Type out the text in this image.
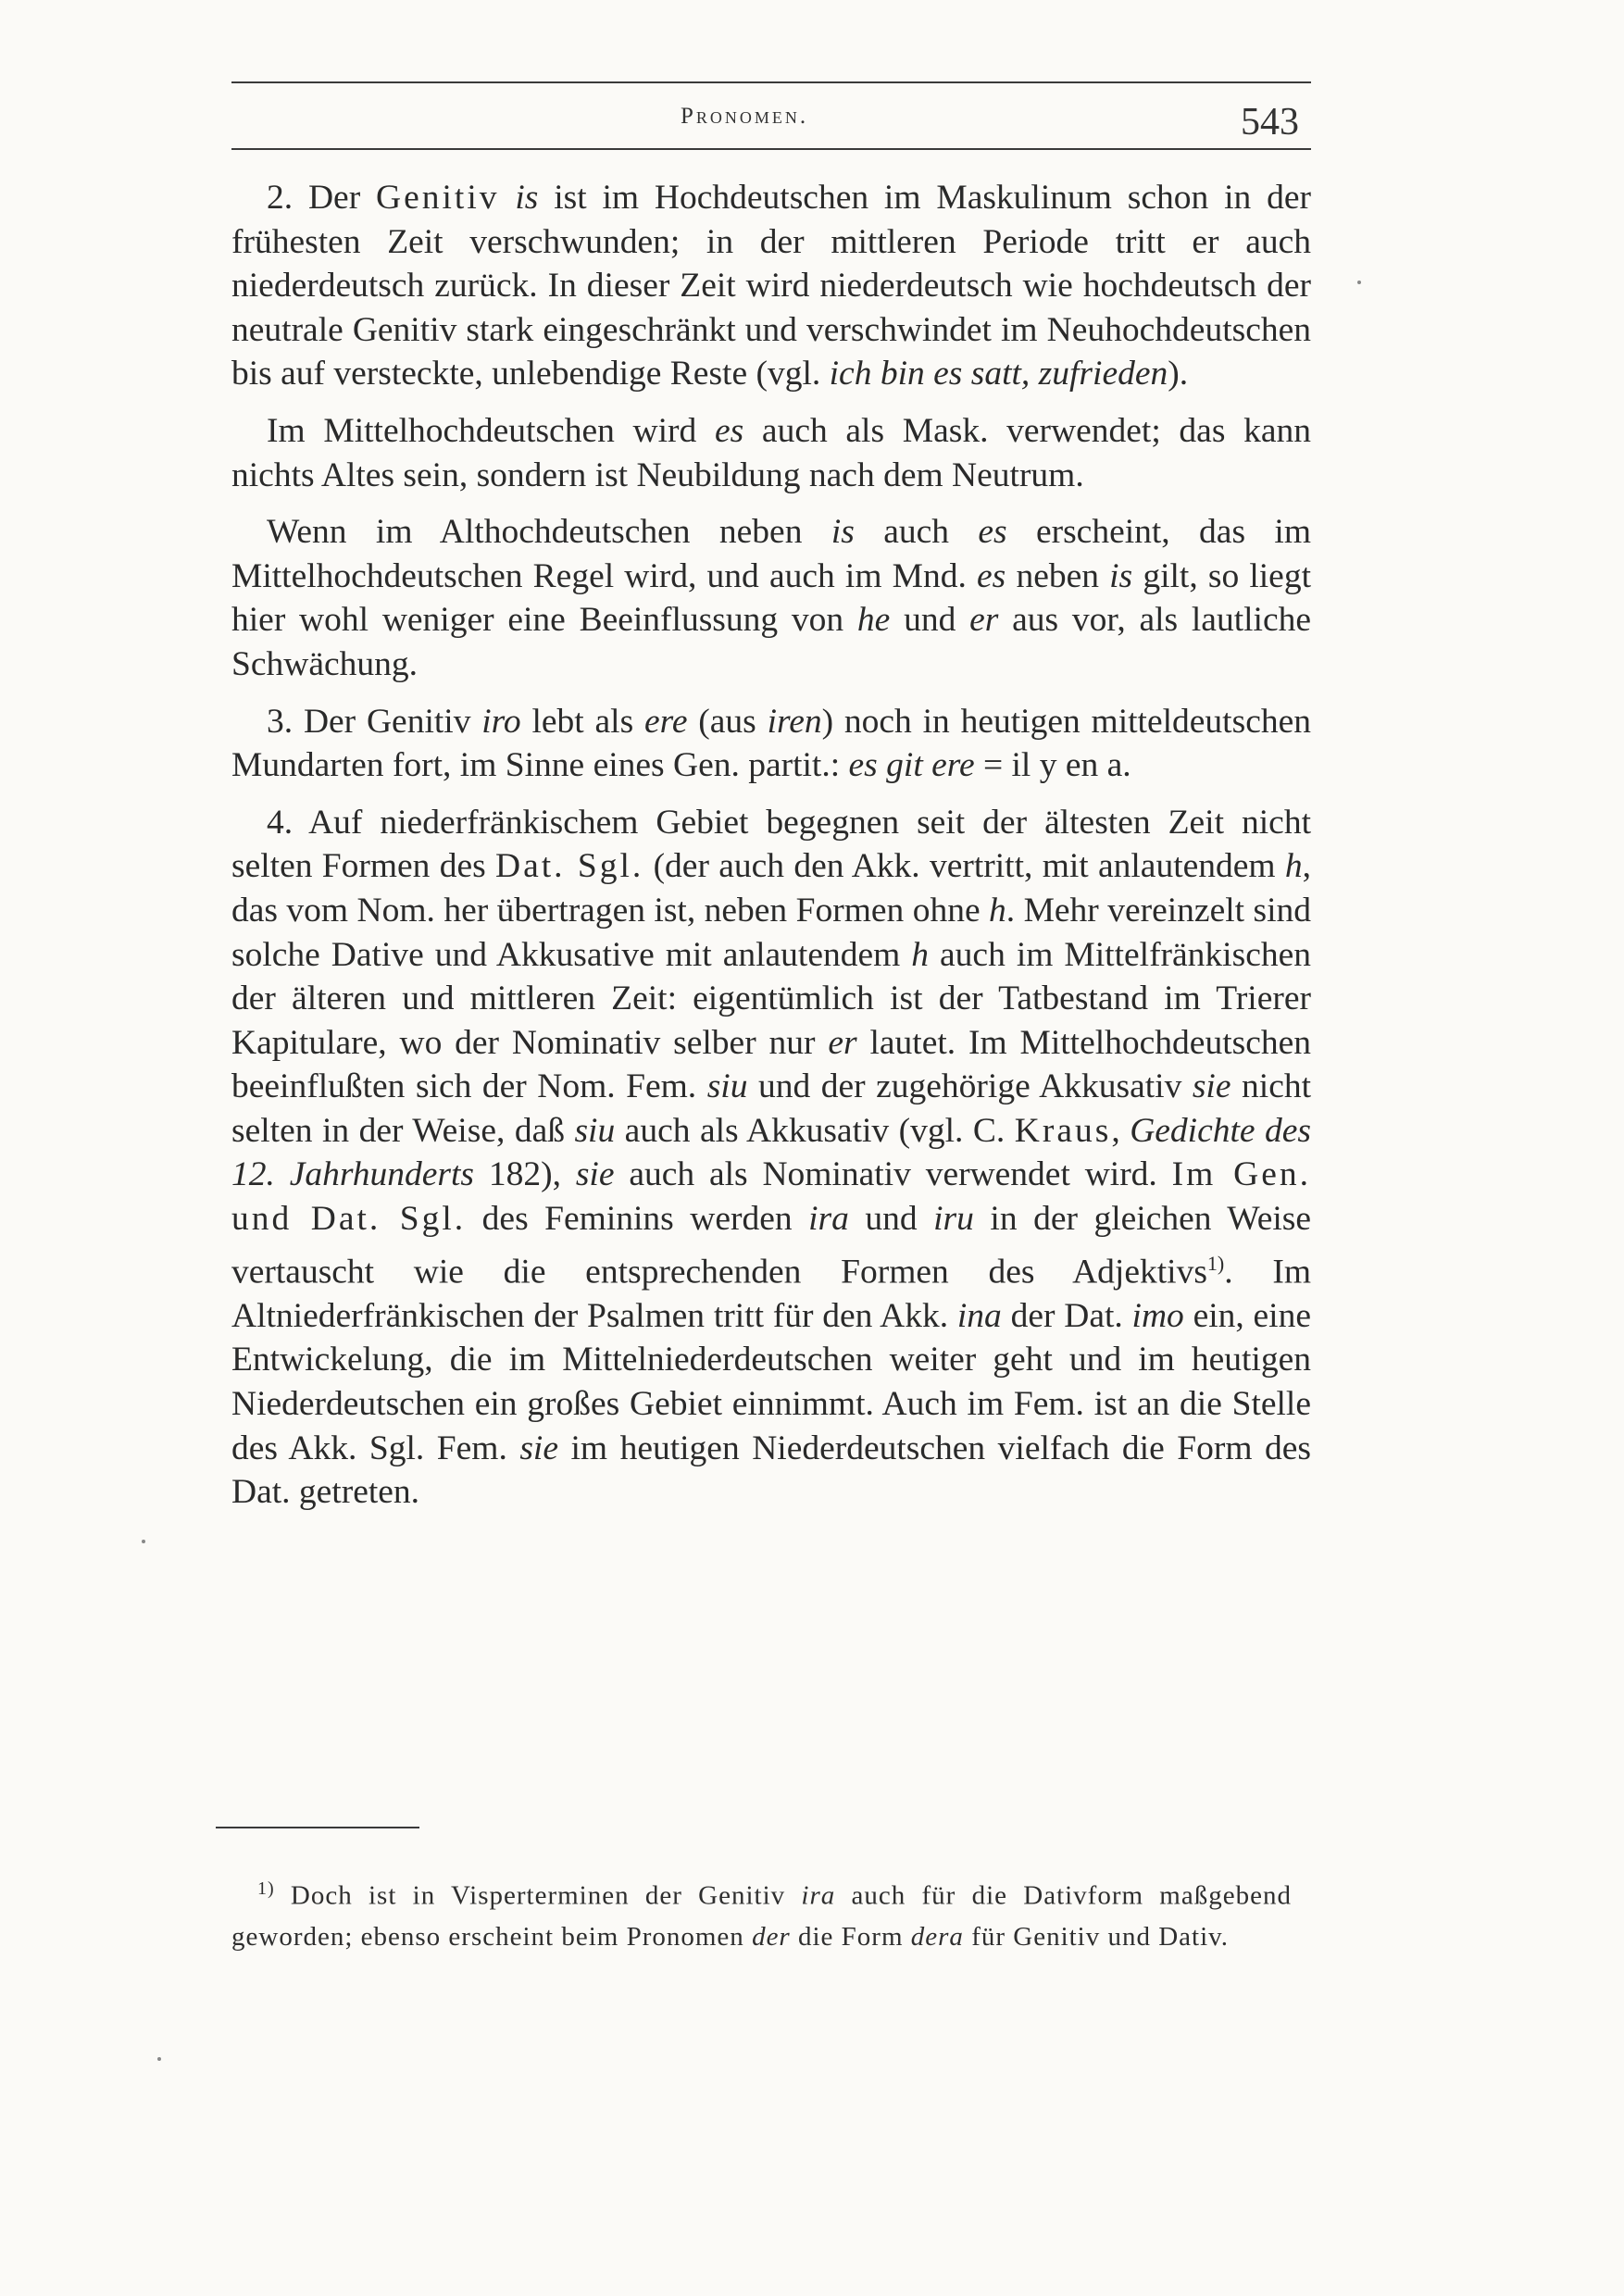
Pronomen.	543

2. Der Genitiv is ist im Hochdeutschen im Maskulinum schon in der frühesten Zeit verschwunden; in der mittleren Periode tritt er auch niederdeutsch zurück. In dieser Zeit wird niederdeutsch wie hochdeutsch der neutrale Genitiv stark eingeschränkt und verschwindet im Neuhochdeutschen bis auf versteckte, unlebendige Reste (vgl. ich bin es satt, zufrieden).

Im Mittelhochdeutschen wird es auch als Mask. verwendet; das kann nichts Altes sein, sondern ist Neubildung nach dem Neutrum.

Wenn im Althochdeutschen neben is auch es erscheint, das im Mittelhochdeutschen Regel wird, und auch im Mnd. es neben is gilt, so liegt hier wohl weniger eine Beeinflussung von he und er aus vor, als lautliche Schwächung.

3. Der Genitiv iro lebt als ere (aus iren) noch in heutigen mitteldeutschen Mundarten fort, im Sinne eines Gen. partit.: es git ere = il y en a.

4. Auf niederfränkischem Gebiet begegnen seit der ältesten Zeit nicht selten Formen des Dat. Sgl. (der auch den Akk. vertritt, mit anlautendem h, das vom Nom. her übertragen ist, neben Formen ohne h. Mehr vereinzelt sind solche Dative und Akkusative mit anlautendem h auch im Mittelfränkischen der älteren und mittleren Zeit: eigentümlich ist der Tatbestand im Trierer Kapitulare, wo der Nominativ selber nur er lautet. Im Mittelhochdeutschen beeinflußten sich der Nom. Fem. siu und der zugehörige Akkusativ sie nicht selten in der Weise, daß siu auch als Akkusativ (vgl. C. Kraus, Gedichte des 12. Jahrhunderts 182), sie auch als Nominativ verwendet wird. Im Gen. und Dat. Sgl. des Feminins werden ira und iru in der gleichen Weise vertauscht wie die entsprechenden Formen des Adjektivs$^{1)}$. Im Altniederfränkischen der Psalmen tritt für den Akk. ina der Dat. imo ein, eine Entwickelung, die im Mittelniederdeutschen weiter geht und im heutigen Niederdeutschen ein großes Gebiet einnimmt. Auch im Fem. ist an die Stelle des Akk. Sgl. Fem. sie im heutigen Niederdeutschen vielfach die Form des Dat. getreten.

$^{1)}$ Doch ist in Visperterminen der Genitiv ira auch für die Dativform maßgebend geworden; ebenso erscheint beim Pronomen der die Form dera für Genitiv und Dativ.
